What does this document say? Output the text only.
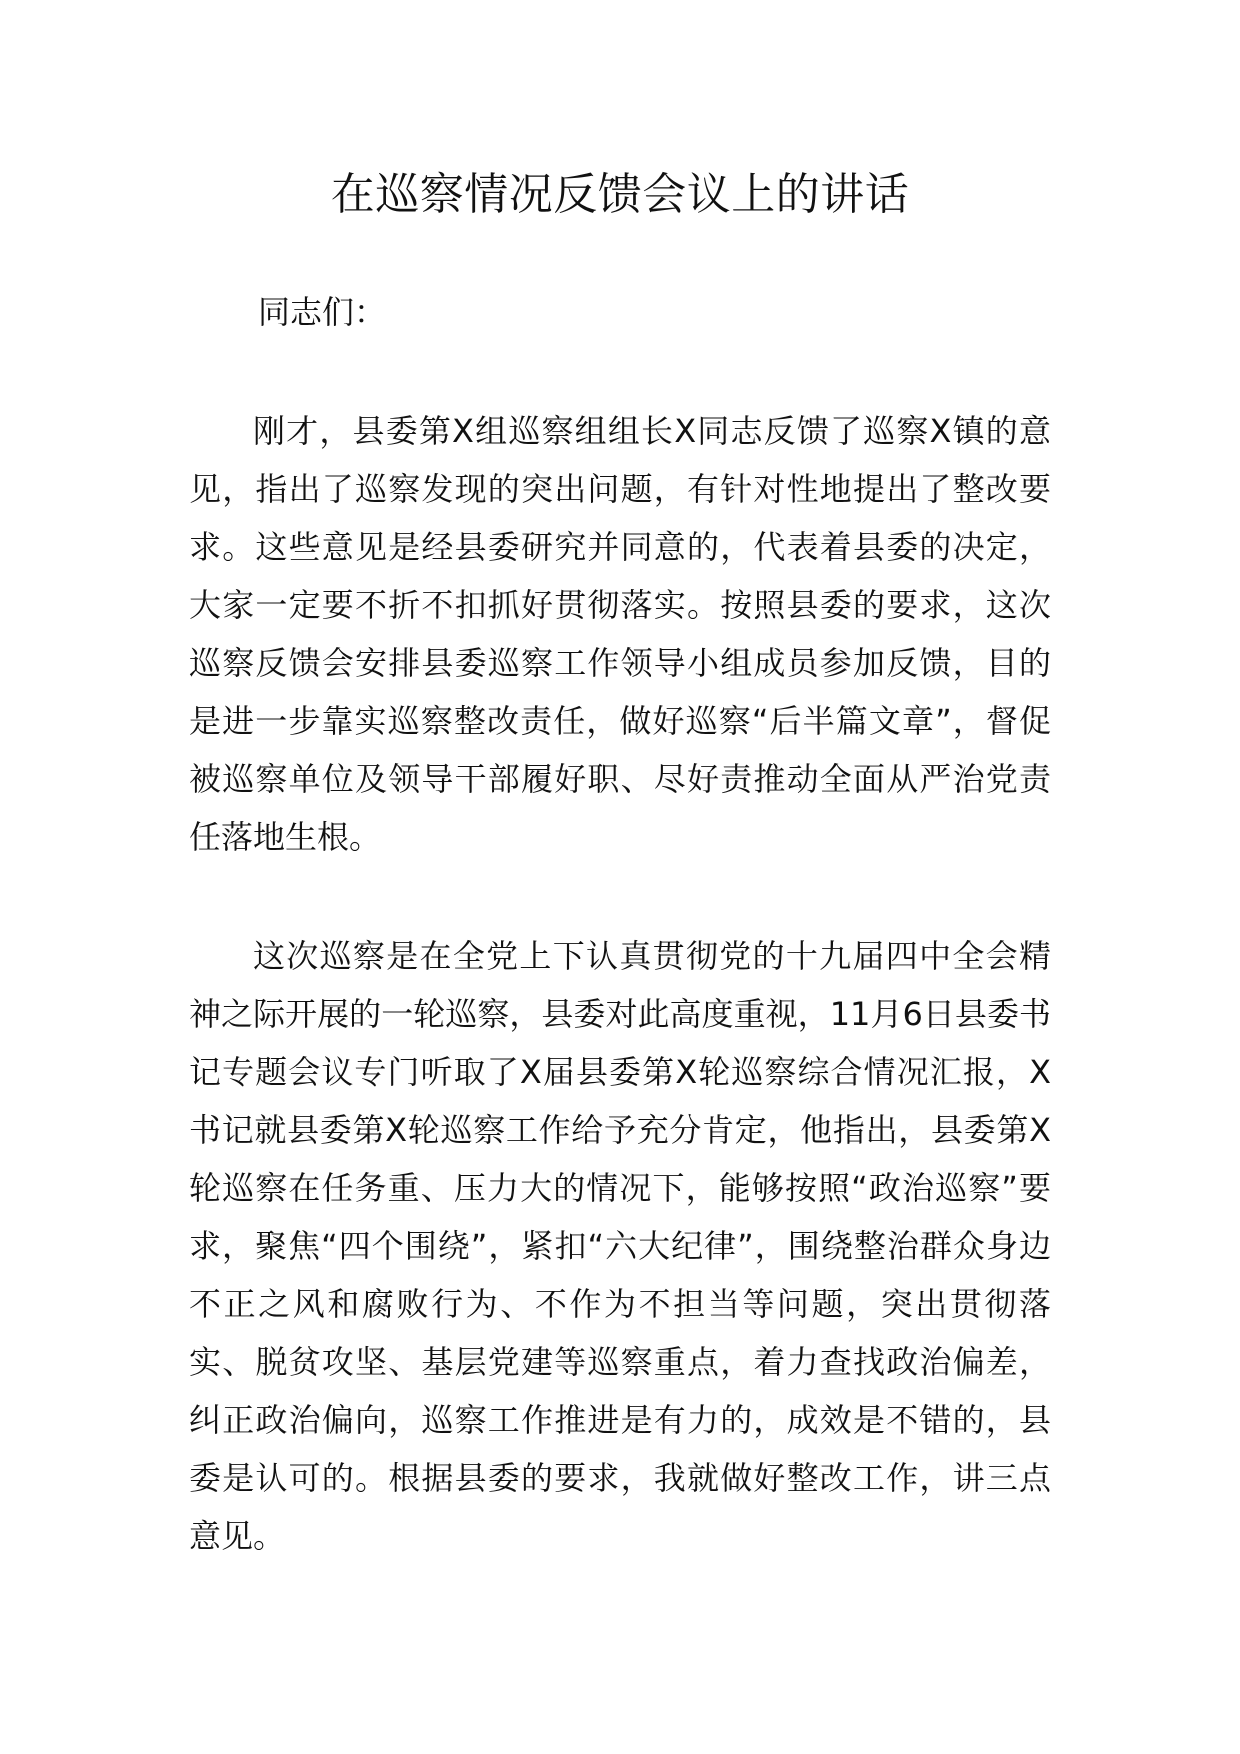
在巡察情况反馈会议上的讲话
同志们：

刚才，县委第X组巡察组组长X同志反馈了巡察X镇的意见，指出了巡察发现的突出问题，有针对性地提出了整改要求。这些意见是经县委研究并同意的，代表着县委的决定，大家一定要不折不扣抓好贯彻落实。按照县委的要求，这次巡察反馈会安排县委巡察工作领导小组成员参加反馈，目的是进一步靠实巡察整改责任，做好巡察“后半篇文章”，督促被巡察单位及领导干部履好职、尽好责推动全面从严治党责任落地生根。

这次巡察是在全党上下认真贯彻党的十九届四中全会精神之际开展的一轮巡察，县委对此高度重视，11月6日县委书记专题会议专门听取了X届县委第X轮巡察综合情况汇报，X书记就县委第X轮巡察工作给予充分肯定，他指出，县委第X轮巡察在任务重、压力大的情况下，能够按照“政治巡察”要求，聚焦“四个围绕”，紧扣“六大纪律”，围绕整治群众身边不正之风和腐败行为、不作为不担当等问题，突出贯彻落实、脱贫攻坚、基层党建等巡察重点，着力查找政治偏差，纠正政治偏向，巡察工作推进是有力的，成效是不错的，县委是认可的。根据县委的要求，我就做好整改工作，讲三点意见。
